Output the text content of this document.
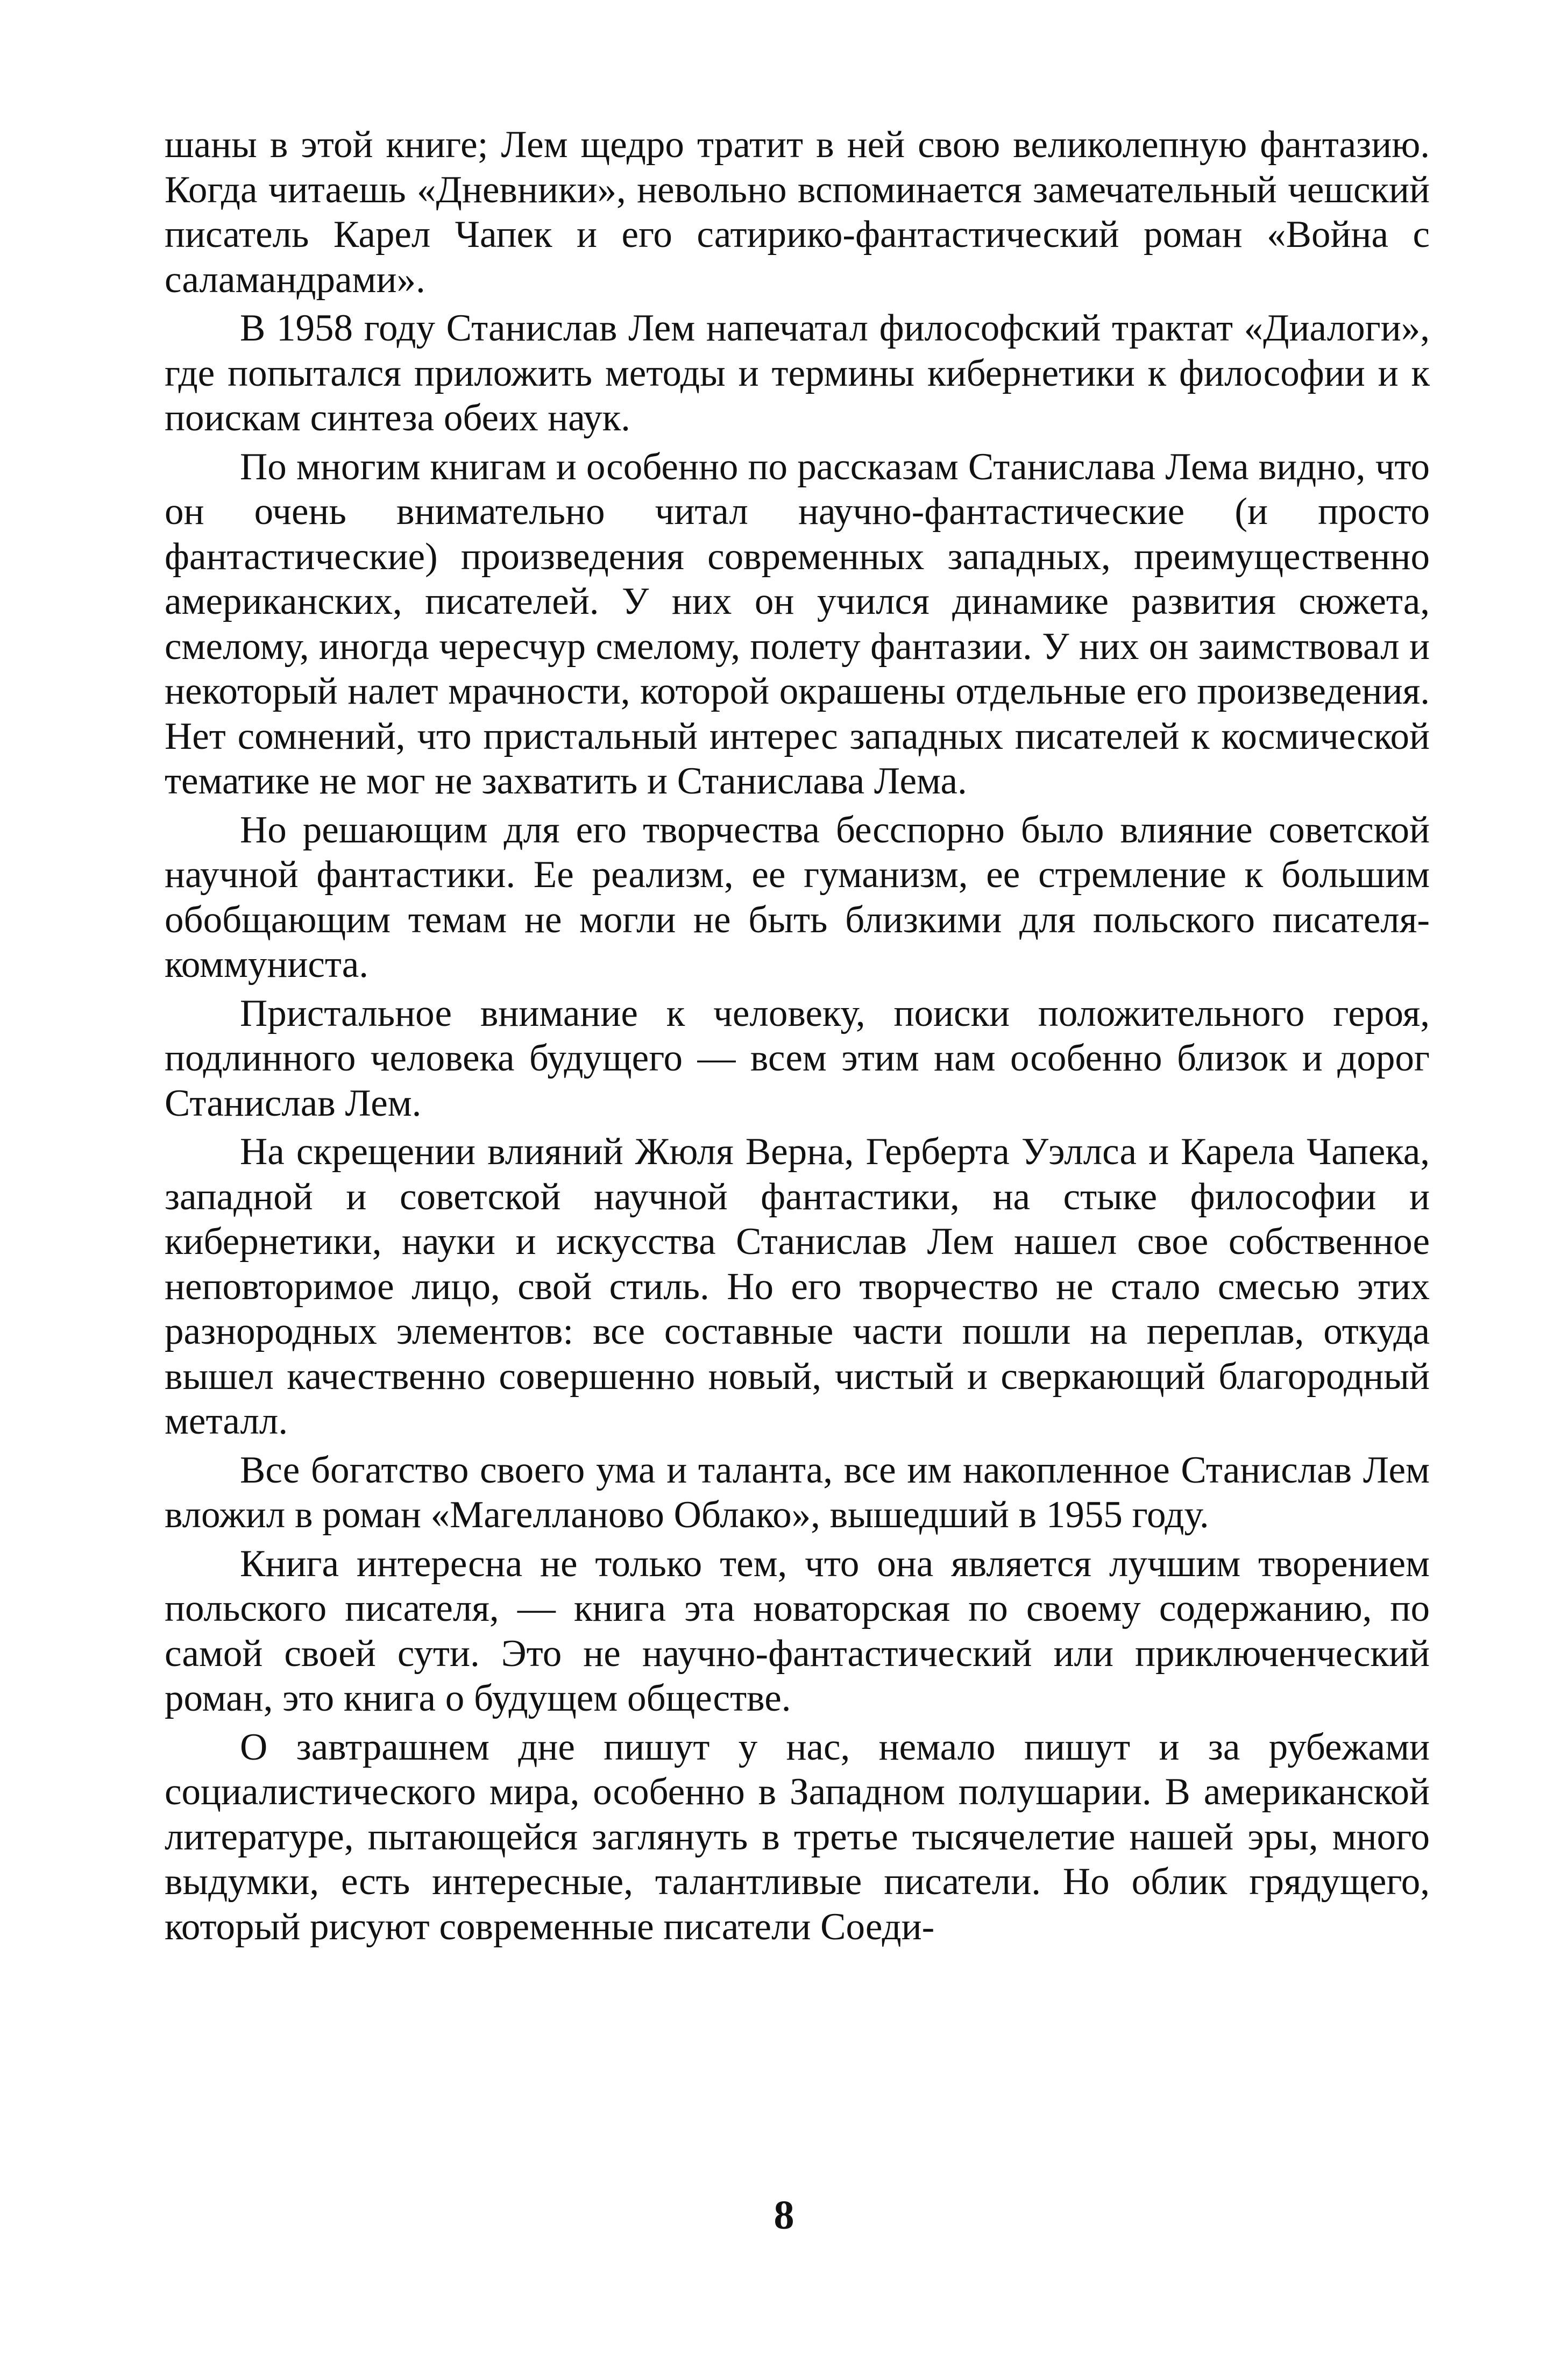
шаны в этой книге; Лем щедро тратит в ней свою великолепную фантазию. Когда читаешь «Дневники», невольно вспоминается замечательный чешский писатель Карел Чапек и его сатирико-фантастический роман «Война с саламандрами».

В 1958 году Станислав Лем напечатал философский трактат «Диалоги», где попытался приложить методы и термины кибернетики к философии и к поискам синтеза обеих наук.

По многим книгам и особенно по рассказам Станислава Лема видно, что он очень внимательно читал научно-фантастические (и просто фантастические) произведения современных западных, преимущественно американских, писателей. У них он учился динамике развития сюжета, смелому, иногда чересчур смелому, полету фантазии. У них он заимствовал и некоторый налет мрачности, которой окрашены отдельные его произведения. Нет сомнений, что пристальный интерес западных писателей к космической тематике не мог не захватить и Станислава Лема.

Но решающим для его творчества бесспорно было влияние советской научной фантастики. Ее реализм, ее гуманизм, ее стремление к большим обобщающим темам не могли не быть близкими для польского писателя-коммуниста.

Пристальное внимание к человеку, поиски положительного героя, подлинного человека будущего — всем этим нам особенно близок и дорог Станислав Лем.

На скрещении влияний Жюля Верна, Герберта Уэллса и Карела Чапека, западной и советской научной фантастики, на стыке философии и кибернетики, науки и искусства Станислав Лем нашел свое собственное неповторимое лицо, свой стиль. Но его творчество не стало смесью этих разнородных элементов: все составные части пошли на переплав, откуда вышел качественно совершенно новый, чистый и сверкающий благородный металл.

Все богатство своего ума и таланта, все им накопленное Станислав Лем вложил в роман «Магелланово Облако», вышедший в 1955 году.

Книга интересна не только тем, что она является лучшим творением польского писателя, — книга эта новаторская по своему содержанию, по самой своей сути. Это не научно-фантастический или приключенческий роман, это книга о будущем обществе.

О завтрашнем дне пишут у нас, немало пишут и за рубежами социалистического мира, особенно в Западном полушарии. В американской литературе, пытающейся заглянуть в третье тысячелетие нашей эры, много выдумки, есть интересные, талантливые писатели. Но облик грядущего, который рисуют современные писатели Соеди-

8
